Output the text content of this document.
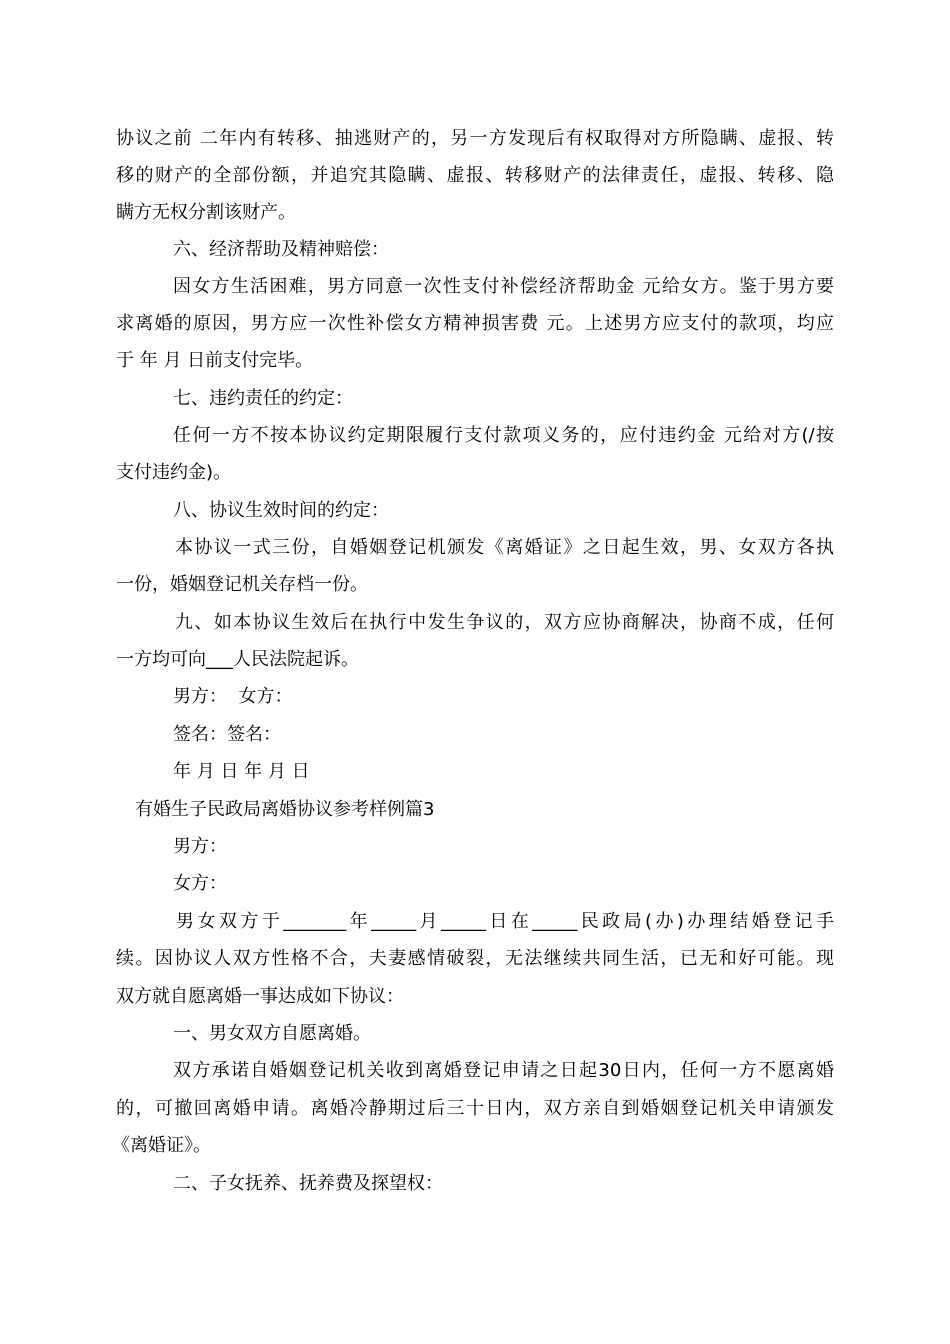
协议之前 二年内有转移、抽逃财产的，另一方发现后有权取得对方所隐瞒、虚报、转

移的财产的全部份额，并追究其隐瞒、虚报、转移财产的法律责任，虚报、转移、隐

瞒方无权分割该财产。

六、经济帮助及精神赔偿：

因女方生活困难，男方同意一次性支付补偿经济帮助金 元给女方。鉴于男方要

求离婚的原因，男方应一次性补偿女方精神损害费 元。上述男方应支付的款项，均应

于 年 月 日前支付完毕。

七、违约责任的约定：

任何一方不按本协议约定期限履行支付款项义务的，应付违约金 元给对方(/按

支付违约金)。

八、协议生效时间的约定：

本协议一式三份，自婚姻登记机颁发《离婚证》之日起生效，男、女双方各执

一份，婚姻登记机关存档一份。

九、如本协议生效后在执行中发生争议的，双方应协商解决，协商不成，任何

一方均可向___人民法院起诉。

男方：  女方：

签名：签名：

年 月 日 年 月 日

有婚生子民政局离婚协议参考样例篇3

男方：

女方：

男女双方于_______年_____月_____日在_____民政局(办)办理结婚登记手

续。因协议人双方性格不合，夫妻感情破裂，无法继续共同生活，已无和好可能。现

双方就自愿离婚一事达成如下协议：

一、男女双方自愿离婚。

双方承诺自婚姻登记机关收到离婚登记申请之日起30日内，任何一方不愿离婚

的，可撤回离婚申请。离婚冷静期过后三十日内，双方亲自到婚姻登记机关申请颁发

《离婚证》。

二、子女抚养、抚养费及探望权：
